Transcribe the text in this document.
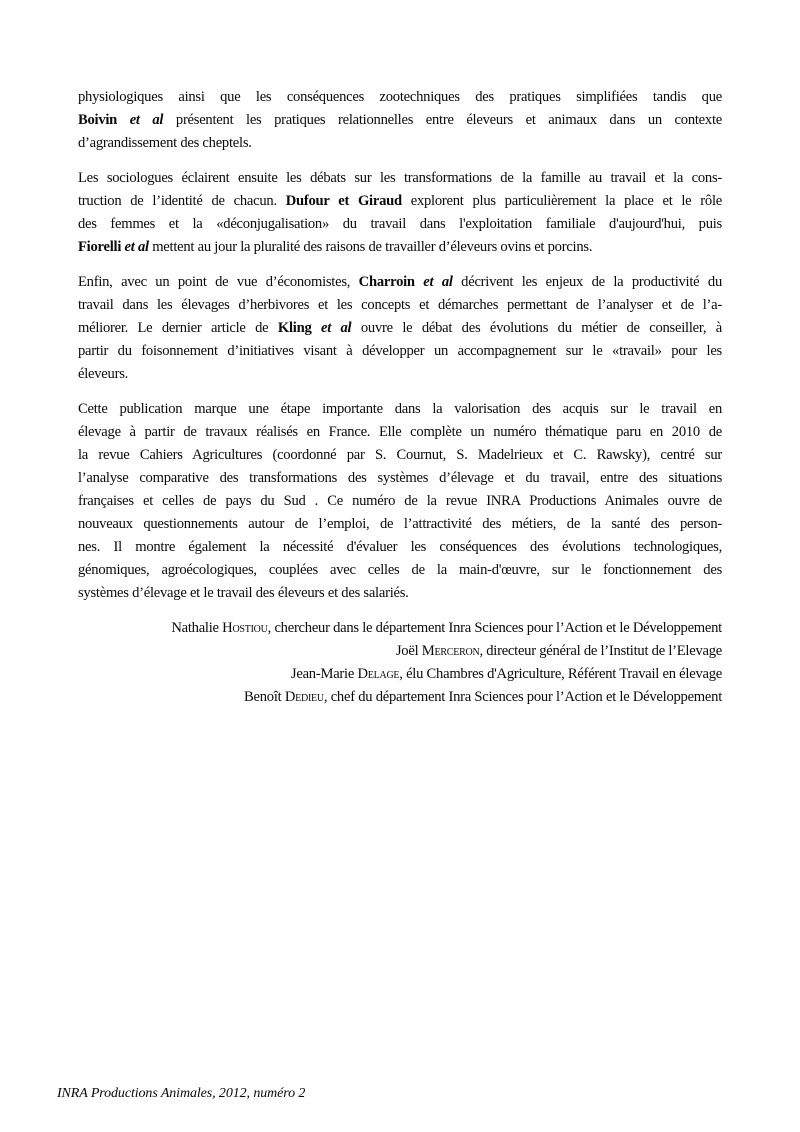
physiologiques ainsi que les conséquences zootechniques des pratiques simplifiées tandis que
Boivin et al présentent les pratiques relationnelles entre éleveurs et animaux dans un contexte
d’agrandissement des cheptels.
Les sociologues éclairent ensuite les débats sur les transformations de la famille au travail et la cons-
truction de l’identité de chacun. Dufour et Giraud explorent plus particulièrement la place et le rôle
des femmes et la «déconjugalisation» du travail dans l'exploitation familiale d'aujourd'hui, puis
Fiorelli et al mettent au jour la pluralité des raisons de travailler d’éleveurs ovins et porcins.
Enfin, avec un point de vue d’économistes, Charroin et al décrivent les enjeux de la productivité du
travail dans les élevages d’herbivores et les concepts et démarches permettant de l’analyser et de l’a-
méliorer. Le dernier article de Kling et al ouvre le débat des évolutions du métier de conseiller, à
partir du foisonnement d’initiatives visant à développer un accompagnement sur le «travail» pour les
éleveurs.
Cette publication marque une étape importante dans la valorisation des acquis sur le travail en
élevage à partir de travaux réalisés en France. Elle complète un numéro thématique paru en 2010 de
la revue Cahiers Agricultures (coordonné par S. Cournut, S. Madelrieux et C. Rawsky), centré sur
l’analyse comparative des transformations des systèmes d’élevage et du travail, entre des situations
françaises et celles de pays du Sud . Ce numéro de la revue INRA Productions Animales ouvre de
nouveaux questionnements autour de l’emploi, de l’attractivité des métiers, de la santé des person-
nes. Il montre également la nécessité d'évaluer les conséquences des évolutions technologiques,
génomiques, agroécologiques, couplées avec celles de la main-d'œuvre, sur le fonctionnement des
systèmes d’élevage et le travail des éleveurs et des salariés.
Nathalie Hostiou, chercheur dans le département Inra Sciences pour l’Action et le Développement
Joël Merceron, directeur général de l’Institut de l’Elevage
Jean-Marie Delage, élu Chambres d'Agriculture, Référent Travail en élevage
Benoît Dedieu, chef du département Inra Sciences pour l’Action et le Développement
INRA Productions Animales, 2012, numéro 2
